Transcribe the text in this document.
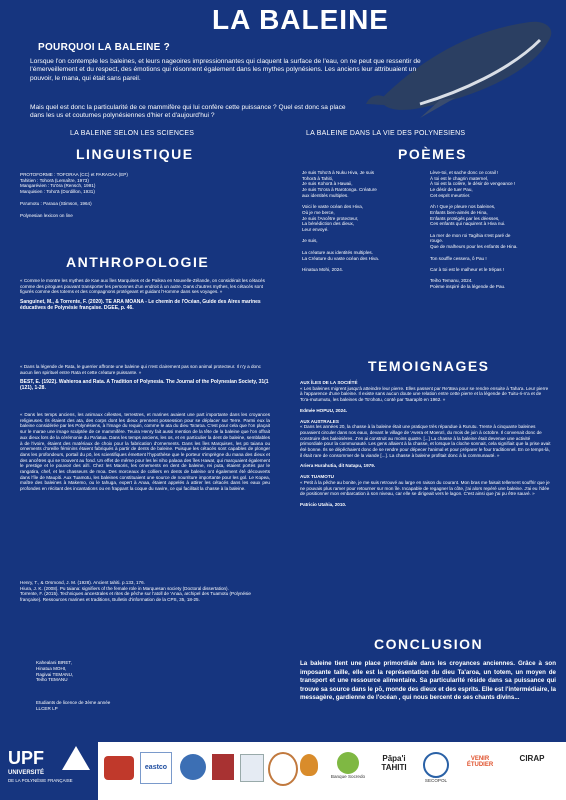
LA BALEINE
POURQUOI LA BALEINE ?
Lorsque l'on contemple les baleines, et leurs nageoires impressionnantes qui claquent la surface de l'eau, on ne peut que ressentir de l'émerveillement et du respect, des émotions qui résonnent également dans les mythes polynésiens. Les anciens leur attribuaient un pouvoir, le mana, qui était sans pareil.
Mais quel est donc la particularité de ce mammifère qui lui confère cette puissance ? Quel est donc sa place dans les us et coutumes polynésiennes d'hier et d'aujourd'hui ?
LA BALEINE SELON LES SCIENCES
LINGUISTIQUE
PROTOFORME : TOFORAA (CC) et PARAOAA (EP)
Tahitien : Tohorā (Lemaître, 1973)
Mangarévien : To'ōra (Rensch, 1991)
Marquisien : Toho'ā (Dordillon, 1931)
Pa'umotu : Paraoa (Stimson, 1964)
Polynesian lexicon on line
ANTHROPOLOGIE

« Comme le montre les mythes de Kae aux îles Marquises et de Paikea en Nouvelle-Zélande, on considérait les cétacés comme des pirogues pouvant transporter les personnes d'un endroit à un autre. Dans d'autres mythes, les cétacés sont figurés comme des totems et des compagnons protégeant et guidant l'Homme dans ses voyages. »

Sanguinet, M., & Torrente, F. (2020). TE ARA MOANA - Le chemin de l'Océan, Guide des Aires marines éducatives de Polynésie française. DGEE, p. 46.

« Dans la légende de Rata, le guerrier affronte une baleine qui n'est clairement pas son animal protecteur. Il n'y a donc aucun lien spirituel entre Rata et cette créature puissante. »

BEST, E. (1922). Wahieroa and Rata. A Tradition of Polynesia. The Journal of the Polynesian Society, 31(1 (121), 1-28.

« Dans les temps anciens, les animaux célestes, terrestres, et marines avaient une part importante dans les croyances religieuses. Ils étaient des ata, des corps dont les dieux prennent possession pour se déplacer sur Terre. Parmi eux la baleine considérée par les Polynésiens, à l'image du requin, comme le ata du dieu Ta'aroa. C'est pour cela que l'on plaçait sur le marae une image sculptée de ce mammifère. Teuira Henry fait aussi mention de la tête de la baleine que l'on offrait aux dieux lors de la cérémonie du Pa'iatua. Dans les temps anciens, les os, et en particulier la dent de baleine, semblables à de l'ivoire, étaient des matériaux de choix pour la fabrication d'ornements. Dans les îles Marquises, les pū taiana ou ornements d'oreille féminins étaient fabriqués à partir de dents de baleine. Puisque les cétacés sont capables de plonger dans les profondeurs, portail du pō, les scientifiques émettent l'hypothèse que le porteur s'imprègne du mana des dieux et des ancêtres qui se trouvent au fond. Un effet de même pour les lei niho palaoa des îles Hawaï, qui marquaient également le prestige et le pouvoir des ali'i. Chez les Maoris, les ornements en dent de baleine, rei puta, étaient portés par le rangatira, chef, et les chasseurs de moa. Des morceaux de colliers en dents de baleine ont également été découverts dans l'île de Maupiti. Aux Tuamotu, les baleines constituaient une source de nourriture importante pour les gol. Le Kopea, maître des baleines à Makemo, ou le tahuga, expert à Anaa, étaient appelés à attirer les cétacés dans les eaux peu profondes en récitant des incantations ou en frappant la coque du navire, ce qui facilitait la chasse à la baleine.
Henry, T., & Orsmond, J. M. (1928). Ancient tahiti. p.133, 176.
Hiura, J. K. (2008). Pu taiana: signifiers of the female role in Marquesan society (Doctoral dissertation).
Torrente, F. (2015). Techniques ancestrales et rites de pêche sur l'atoll de 'Anaa, archipel des Tuamotu (Polynésie française). Ressources marines et traditions, Bulletin d'information de la CPS, 35, 18-25.
Kahealani BIRET,
Hinatua MOHI,
Ragivai TEMANU,
Teiho TEMANU
Etudiants de licence de 3ème année
LLCER LP
LA BALEINE DANS LA VIE DES POLYNESIENS
POÈMES
Je suis Toho'ā à Nuku Hiva, Je suis
Tohorā à Tahiti,
Je suis Kohorā à Hawaii,
Je suis To'ora à Rarotonga. Créature
aux identités multiples.

Voici le vaste océan des Hiva,
Où je me berce,
Je suis l'Ancêtre protecteur,
La bénédiction des dieux,
Leur envoyé.

Je suis,

La créature aux identités multiples.
La Créature du vaste océan des Hiva.

Hinatua Mohi, 2024.
Lève-toi, et sache donc ce corail !
À toi est le chagrin maternel,
À toi est la colère, le désir de vengeance !
Le désir de tuer Pau,
Cet esprit meurtrier.

Ah ! Que je pleure nos baleines,
Enfants bien-aimés de Hina,
Enfants protégés par les déesses,
Ces enfants qui naquirent à Hiva nui.

La mer de mon roi Tagihia s'est paré de
rouge.
Que de malheurs pour les enfants de Hina.

Ton souffle cessera, ô Pau !

Car à toi est le malheur et le trépas !

Teiho Temanu, 2024.
Poème inspiré de la légende de Pau.
TEMOIGNAGES
AUX ÎLES DE LA SOCIÉTÉ

« Les baleines migrent jusqu'à atteindre leur pierre. Elles passent par Re'ātea pour se rendre ensuite à Taha'a. Leur pierre à l'apparence d'une baleine. Il existe sans aucun doute une relation entre cette pierre et la légende de Tuitu-ri-n'a et de To'a-mutumutu, les baleines de To'ohotu, conté par Taaraplō en 1962. »

Edmée HOPUU, 2024.

AUX AUSTRALES

« Dans les années 20, la chasse à la baleine était une pratique très répandue à Rurutu. Trente à cinquante baleines pouvaient circuler dans nos eaux, devant le village de 'Avera et Moera'i, du mois de juin à octobre. Il convenait donc de construire des baleinières. J'en ai construit au moins quatre. [...] La chasse à la baleine était devenue une activité primordiale pour la communauté. Les gens allaient à la chasse, et lorsque la cloche sonnait, cela signifiait que la prise avait été bonne. Ils se dépêchaient donc de se rendre pour dépecer l'animal et pour préparer le four traditionnel. En ce temps-là, il était rare de consommer de la viande [...]. La chasse à baleine profitait donc à la communauté. »

Ariera Hurahutia, dit Natapu, 1979.

AUX TUAMOTU

« Petit à la pêche au bonite, je me suis retrouvé au large en raison du courant. Mon bras me faisait tellement souffrir que je ne pouvais plus ramer pour retourner sur mon île. Incapable de regagner la côte, j'ai alors repéré une baleine. J'ai eu l'idée de positionner mon embarcation à son niveau, car elle se dirigeait vers le lagon. C'est ainsi que j'ai pu être sauvé. »

Patricio Utahia, 2010.

CONCLUSION
La baleine tient une place primordiale dans les croyances anciennes. Grâce à son imposante taille, elle est la représentation du dieu Ta'aroa, un totem, un moyen de transport et une ressource alimentaire. Sa particularité réside dans sa puissance qui trouve sa source dans le pō, monde des dieux et des esprits. Elle est l'intermédiaire, la messagère, gardienne de l'océan , qui nous bercent de ses chants divins...
UPF
UNIVERSITÉ
DE LA POLYNÉSIE FRANÇAISE
eastco
Banque Socredo
Pāpa'i TAHITI
SECOPOL
VENIR ÉTUDIER
CIRAP
